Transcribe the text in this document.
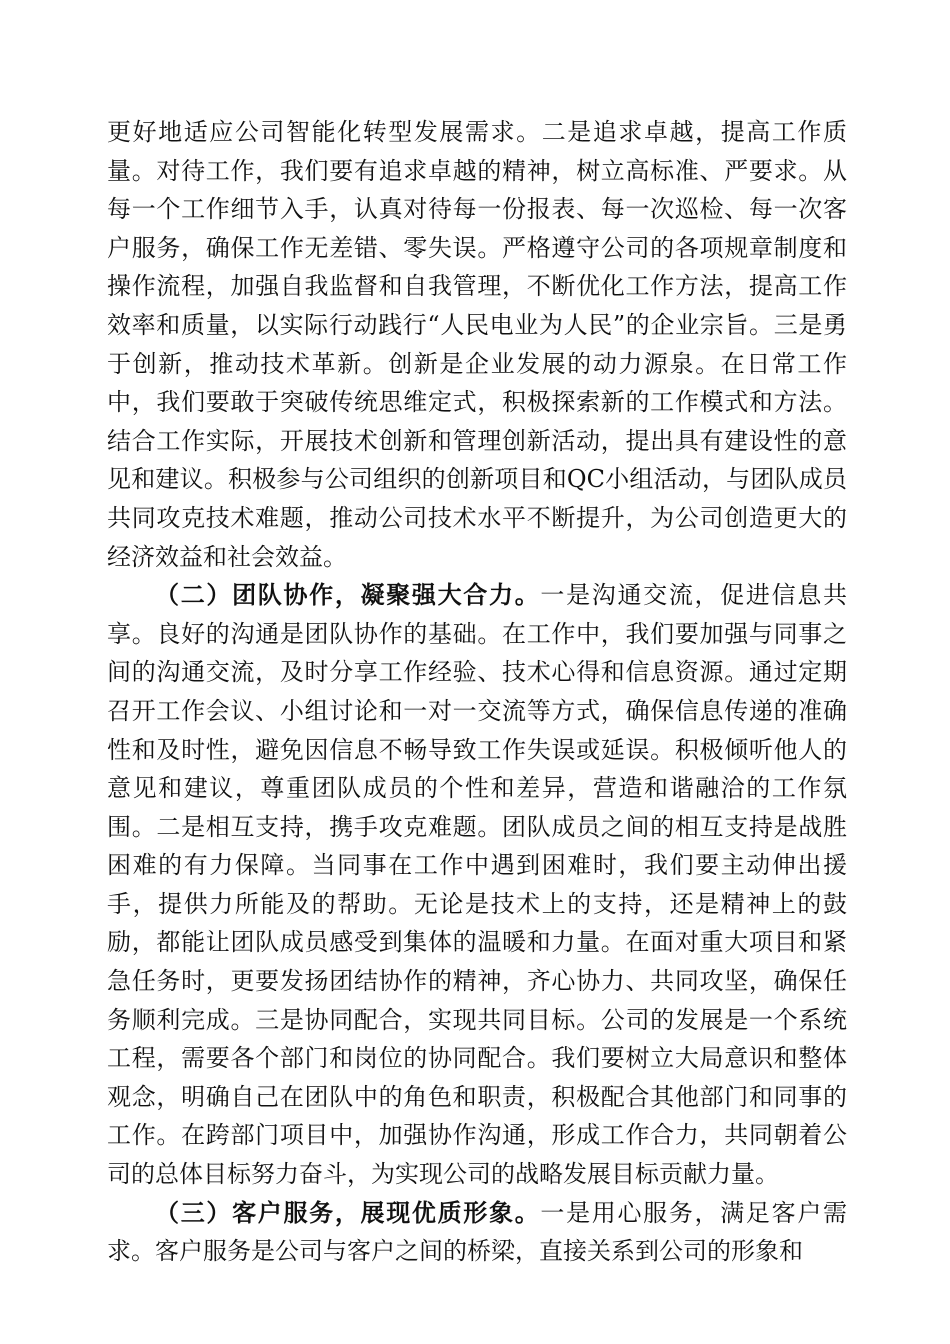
更好地适应公司智能化转型发展需求。二是追求卓越，提高工作质量。对待工作，我们要有追求卓越的精神，树立高标准、严要求。从每一个工作细节入手，认真对待每一份报表、每一次巡检、每一次客户服务，确保工作无差错、零失误。严格遵守公司的各项规章制度和操作流程，加强自我监督和自我管理，不断优化工作方法，提高工作效率和质量，以实际行动践行“人民电业为人民”的企业宗旨。三是勇于创新，推动技术革新。创新是企业发展的动力源泉。在日常工作中，我们要敢于突破传统思维定式，积极探索新的工作模式和方法。结合工作实际，开展技术创新和管理创新活动，提出具有建设性的意见和建议。积极参与公司组织的创新项目和QC小组活动，与团队成员共同攻克技术难题，推动公司技术水平不断提升，为公司创造更大的经济效益和社会效益。

（二）团队协作，凝聚强大合力。一是沟通交流，促进信息共享。良好的沟通是团队协作的基础。在工作中，我们要加强与同事之间的沟通交流，及时分享工作经验、技术心得和信息资源。通过定期召开工作会议、小组讨论和一对一交流等方式，确保信息传递的准确性和及时性，避免因信息不畅导致工作失误或延误。积极倾听他人的意见和建议，尊重团队成员的个性和差异，营造和谐融洽的工作氛围。二是相互支持，携手攻克难题。团队成员之间的相互支持是战胜困难的有力保障。当同事在工作中遇到困难时，我们要主动伸出援手，提供力所能及的帮助。无论是技术上的支持，还是精神上的鼓励，都能让团队成员感受到集体的温暖和力量。在面对重大项目和紧急任务时，更要发扬团结协作的精神，齐心协力、共同攻坚，确保任务顺利完成。三是协同配合，实现共同目标。公司的发展是一个系统工程，需要各个部门和岗位的协同配合。我们要树立大局意识和整体观念，明确自己在团队中的角色和职责，积极配合其他部门和同事的工作。在跨部门项目中，加强协作沟通，形成工作合力，共同朝着公司的总体目标努力奋斗，为实现公司的战略发展目标贡献力量。

（三）客户服务，展现优质形象。一是用心服务，满足客户需求。客户服务是公司与客户之间的桥梁，直接关系到公司的形象和
